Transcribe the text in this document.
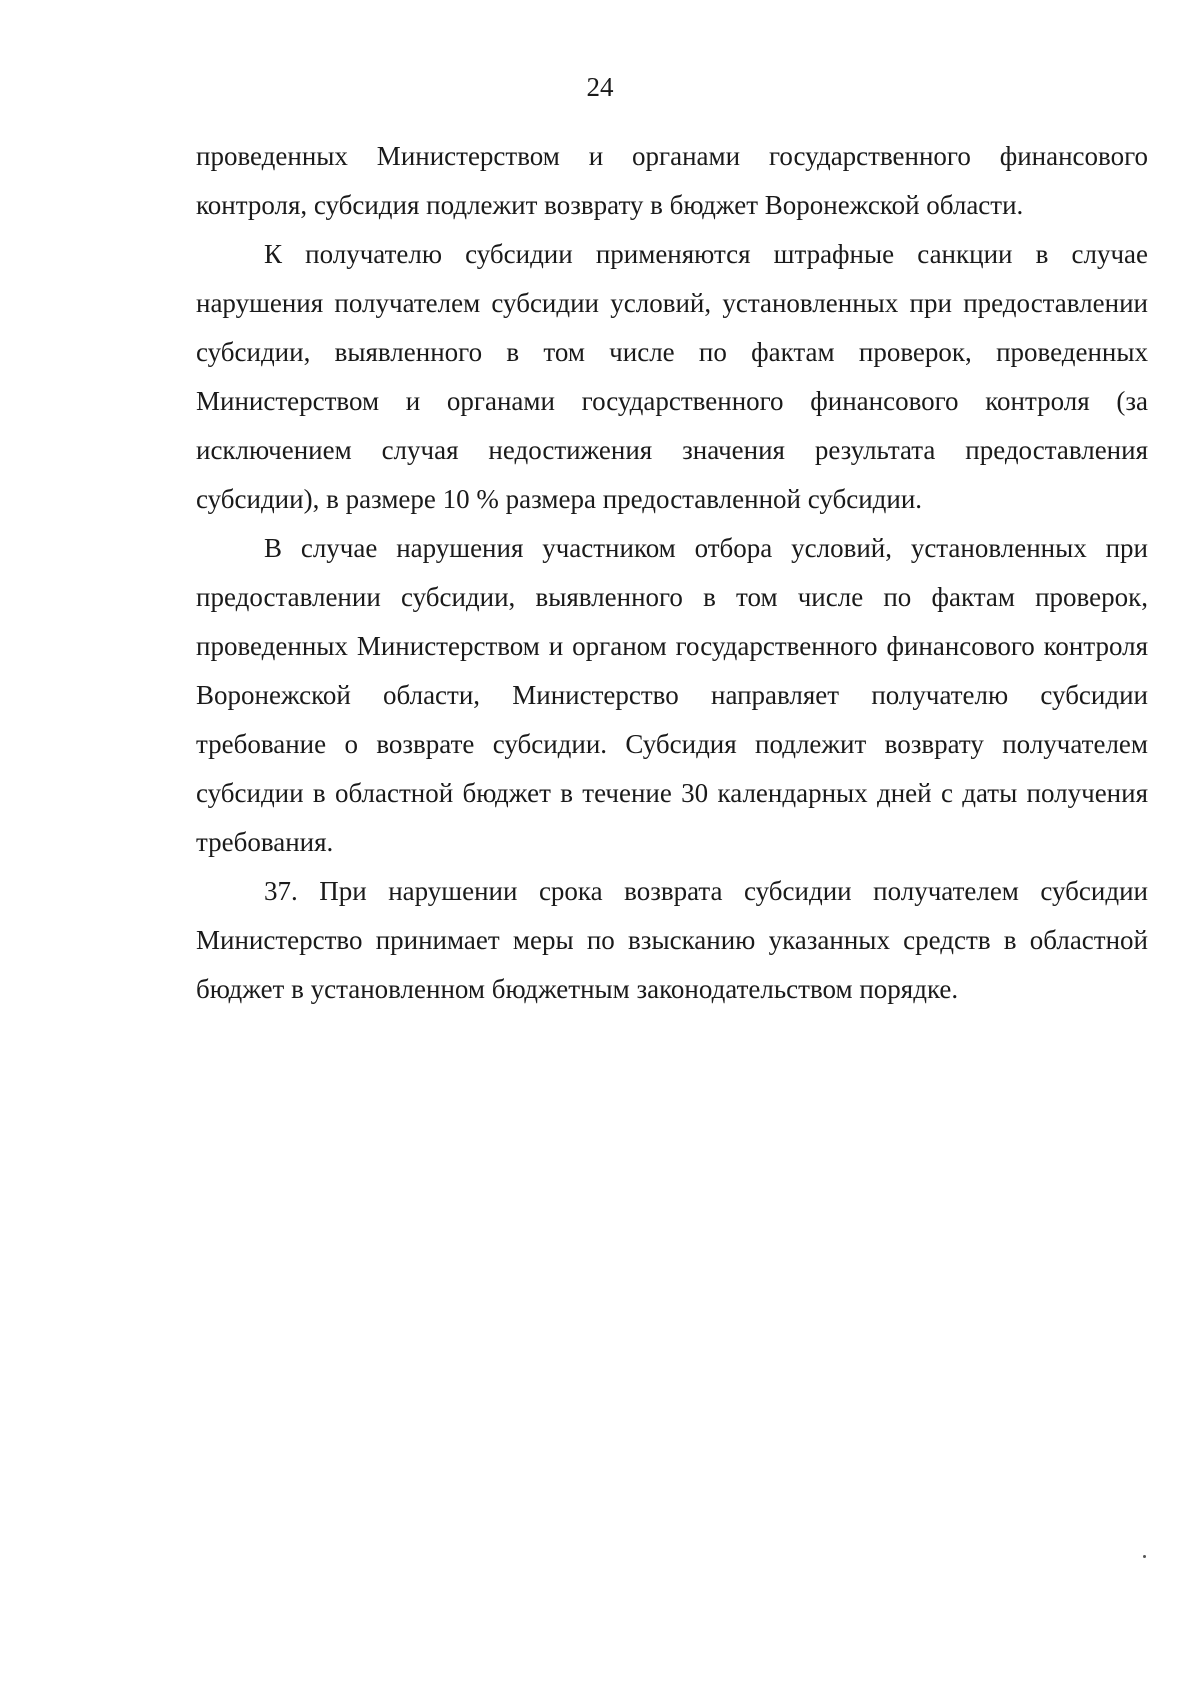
24

проведенных Министерством и органами государственного финансового контроля, субсидия подлежит возврату в бюджет Воронежской области.

К получателю субсидии применяются штрафные санкции в случае нарушения получателем субсидии условий, установленных при предоставлении субсидии, выявленного в том числе по фактам проверок, проведенных Министерством и органами государственного финансового контроля (за исключением случая недостижения значения результата предоставления субсидии), в размере 10 % размера предоставленной субсидии.

В случае нарушения участником отбора условий, установленных при предоставлении субсидии, выявленного в том числе по фактам проверок, проведенных Министерством и органом государственного финансового контроля Воронежской области, Министерство направляет получателю субсидии требование о возврате субсидии. Субсидия подлежит возврату получателем субсидии в областной бюджет в течение 30 календарных дней с даты получения требования.

37. При нарушении срока возврата субсидии получателем субсидии Министерство принимает меры по взысканию указанных средств в областной бюджет в установленном бюджетным законодательством порядке.
